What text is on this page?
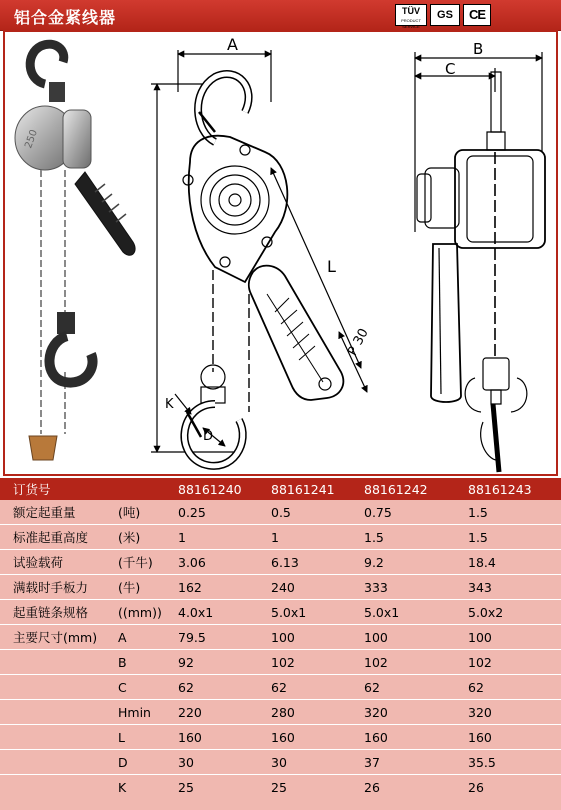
铝合金紧线器	TÜV
PRODUCT SERVICE
GS	CE
250
A
L
P 30
K
D
B
C
订货号	88161240 88161241 88161242	88161243
额定起重量	(吨)	0.25	0.5	0.75	1.5
标准起重高度 (米)	1	1	1.5	1.5
试验载荷	(千牛) 3.06	6.13	9.2	18.4
满载时手板力 (牛)	162	240	333	343
起重链条规格 ((mm)) 4.0x1	5.0x1	5.0x1	5.0x2
主要尺寸(mm) A	79.5	100	100	100
B	92	102	102	102
C	62	62	62	62
Hmin 220	280	320	320
L	160	160	160	160
D	30	30	37	35.5
K	25	25	26	26
